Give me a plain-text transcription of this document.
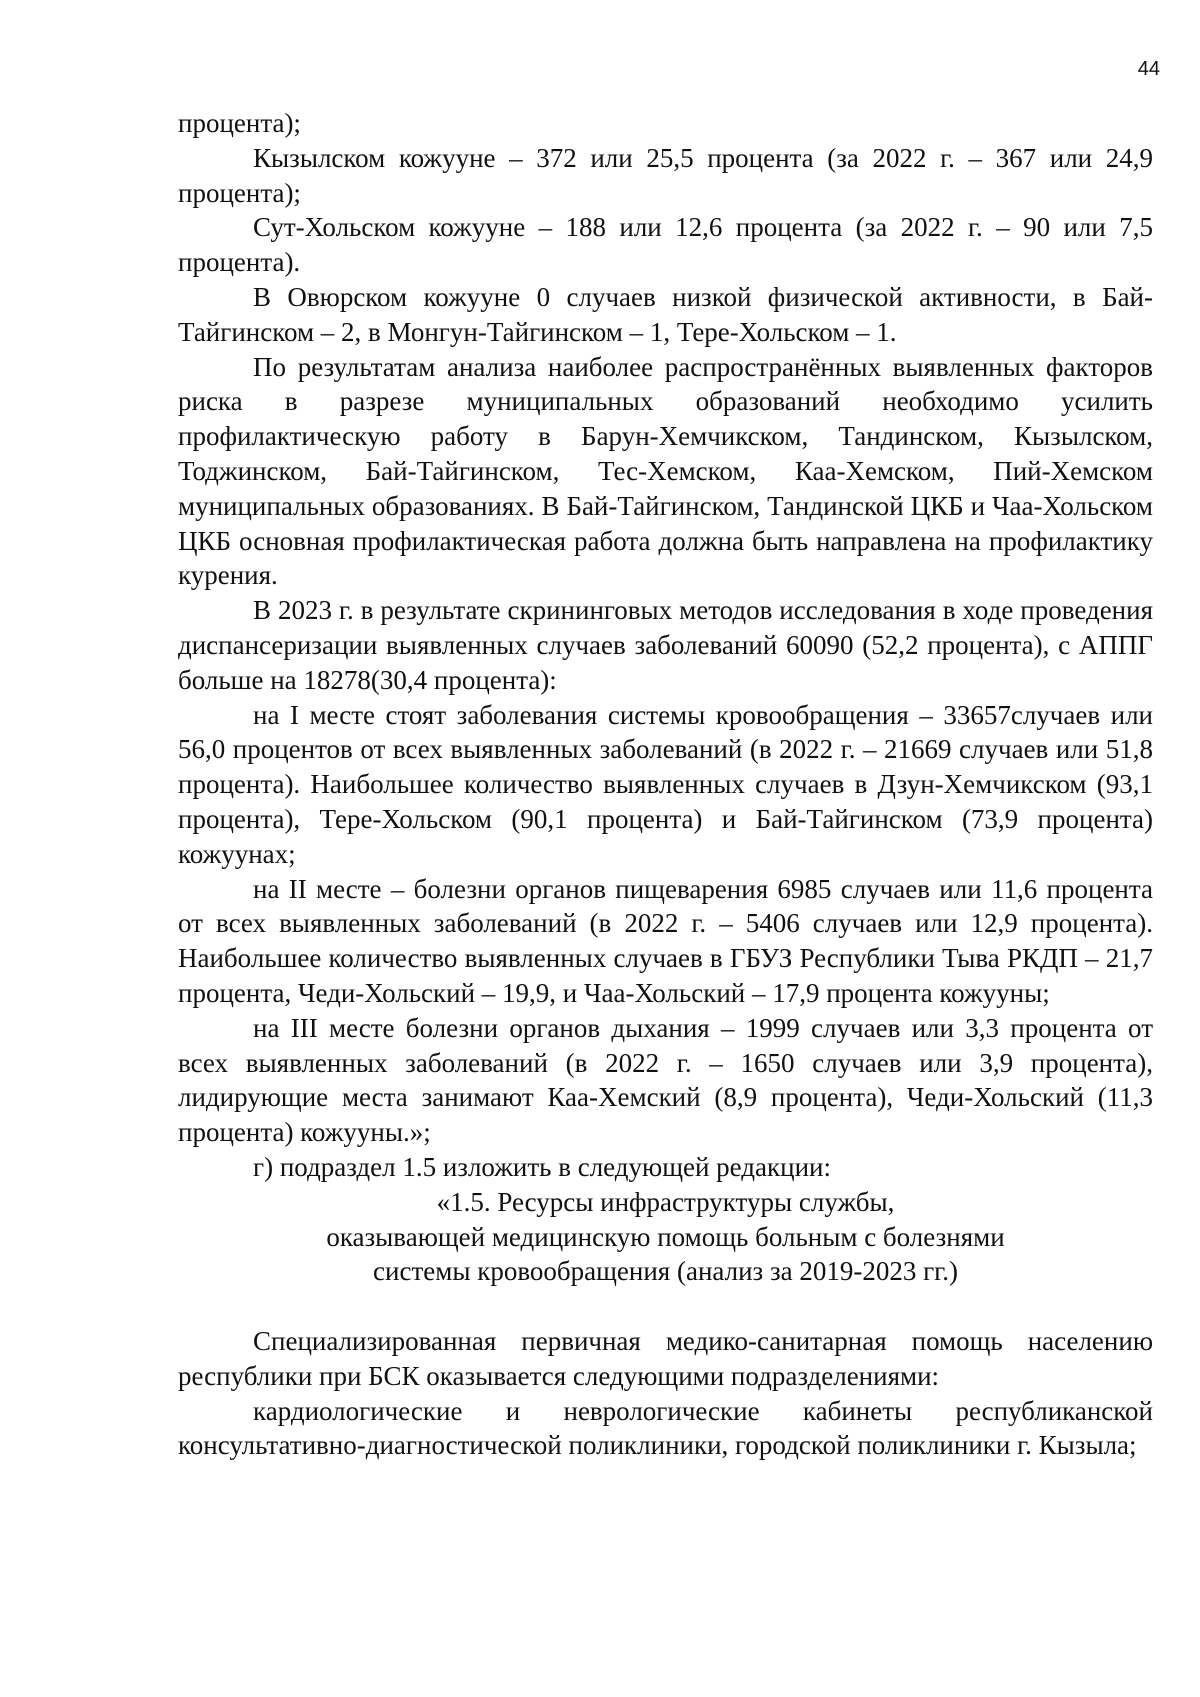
44

процента);

Кызылском кожууне – 372 или 25,5 процента (за 2022 г. – 367 или 24,9 процента);

Сут-Хольском кожууне – 188 или 12,6 процента (за 2022 г. – 90 или 7,5 процента).

В Овюрском кожууне 0 случаев низкой физической активности, в Бай-Тайгинском – 2, в Монгун-Тайгинском – 1, Тере-Хольском – 1.

По результатам анализа наиболее распространённых выявленных факторов риска в разрезе муниципальных образований необходимо усилить профилактическую работу в Барун-Хемчикском, Тандинском, Кызылском, Тоджинском, Бай-Тайгинском, Тес-Хемском, Каа-Хемском, Пий-Хемском муниципальных образованиях. В Бай-Тайгинском, Тандинской ЦКБ и Чаа-Хольском ЦКБ основная профилактическая работа должна быть направлена на профилактику курения.

В 2023 г. в результате скрининговых методов исследования в ходе проведения диспансеризации выявленных случаев заболеваний 60090 (52,2 процента), с АППГ больше на 18278(30,4 процента):

на I месте стоят заболевания системы кровообращения – 33657случаев или 56,0 процентов от всех выявленных заболеваний (в 2022 г. – 21669 случаев или 51,8 процента). Наибольшее количество выявленных случаев в Дзун-Хемчикском (93,1 процента), Тере-Хольском (90,1 процента) и Бай-Тайгинском (73,9 процента) кожуунах;

на II месте – болезни органов пищеварения 6985 случаев или 11,6 процента от всех выявленных заболеваний (в 2022 г. – 5406 случаев или 12,9 процента). Наибольшее количество выявленных случаев в ГБУЗ Республики Тыва РКДП – 21,7 процента, Чеди-Хольский – 19,9, и Чаа-Хольский – 17,9 процента кожууны;

на III месте болезни органов дыхания – 1999 случаев или 3,3 процента от всех выявленных заболеваний (в 2022 г. – 1650 случаев или 3,9 процента), лидирующие места занимают Каа-Хемский (8,9 процента), Чеди-Хольский (11,3 процента) кожууны.»;

г) подраздел 1.5 изложить в следующей редакции:

«1.5. Ресурсы инфраструктуры службы,
оказывающей медицинскую помощь больным с болезнями
системы кровообращения (анализ за 2019-2023 гг.)

Специализированная первичная медико-санитарная помощь населению республики при БСК оказывается следующими подразделениями:

кардиологические и неврологические кабинеты республиканской консультативно-диагностической поликлиники, городской поликлиники г. Кызыла;
